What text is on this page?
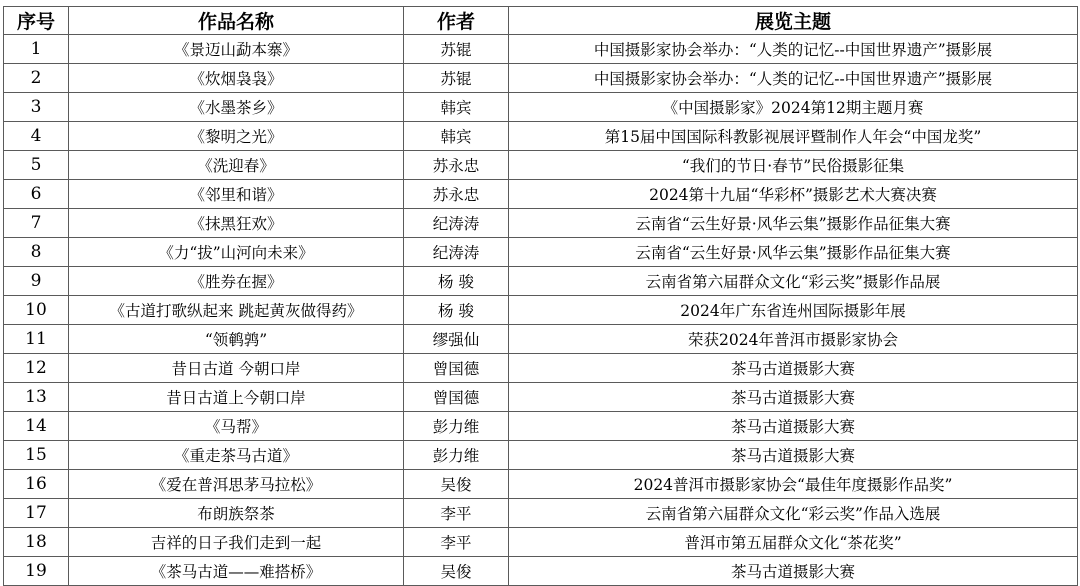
序号	作品名称	作者	展览主题
1	《景迈山勐本寨》	苏锟	中国摄影家协会举办：“人类的记忆--中国世界遗产”摄影展
2	《炊烟袅袅》	苏锟	中国摄影家协会举办：“人类的记忆--中国世界遗产”摄影展
3	《水墨茶乡》	韩宾	《中国摄影家》2024第12期主题月赛
4	《黎明之光》	韩宾	第15届中国国际科教影视展评暨制作人年会“中国龙奖”
5	《洗迎春》	苏永忠	“我们的节日·春节”民俗摄影征集
6	《邻里和谐》	苏永忠	2024第十九届“华彩杯”摄影艺术大赛决赛
7	《抹黑狂欢》	纪涛涛	云南省“云生好景·风华云集”摄影作品征集大赛
8	《力“拔”山河向未来》	纪涛涛	云南省“云生好景·风华云集”摄影作品征集大赛
9	《胜券在握》	杨 骏	云南省第六届群众文化“彩云奖”摄影作品展
10	《古道打歌纵起来 跳起黄灰做得药》	杨 骏	2024年广东省连州国际摄影年展
11	“领鹌鹑”	缪强仙	荣获2024年普洱市摄影家协会
12	昔日古道 今朝口岸	曾国德	茶马古道摄影大赛
13	昔日古道上今朝口岸	曾国德	茶马古道摄影大赛
14	《马帮》	彭力维	茶马古道摄影大赛
15	《重走茶马古道》	彭力维	茶马古道摄影大赛
16	《爱在普洱思茅马拉松》	吴俊	2024普洱市摄影家协会“最佳年度摄影作品奖”
17	布朗族祭茶	李平	云南省第六届群众文化“彩云奖”作品入选展
18	吉祥的日子我们走到一起	李平	普洱市第五届群众文化“茶花奖”
19	《茶马古道——难搭桥》	吴俊	茶马古道摄影大赛
